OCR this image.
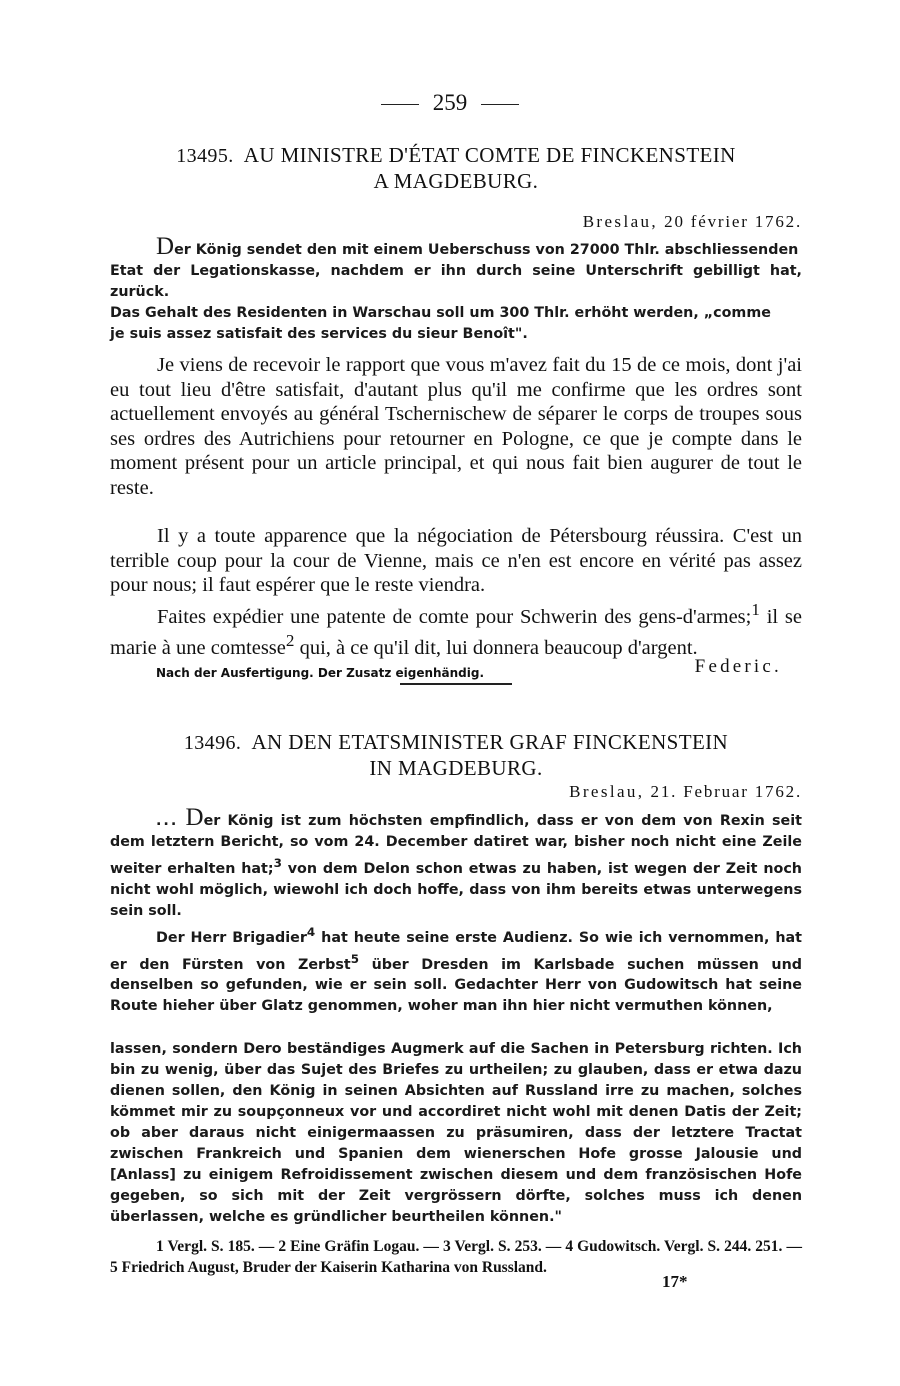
259
13495. AU MINISTRE D'ÉTAT COMTE DE FINCKENSTEIN
A MAGDEBURG.
Breslau, 20 février 1762.
Der König sendet den mit einem Ueberschuss von 27000 Thlr. abschliessenden
Etat der Legationskasse, nachdem er ihn durch seine Unterschrift gebilligt hat, zurück.
Das Gehalt des Residenten in Warschau soll um 300 Thlr. erhöht werden, „comme
je suis assez satisfait des services du sieur Benoît".

Je viens de recevoir le rapport que vous m'avez fait du 15 de ce mois, dont j'ai eu tout lieu d'être satisfait, d'autant plus qu'il me confirme que les ordres sont actuellement envoyés au général Tschernischew de séparer le corps de troupes sous ses ordres des Autrichiens pour retourner en Pologne, ce que je compte dans le moment présent pour un article principal, et qui nous fait bien augurer de tout le reste.

Il y a toute apparence que la négociation de Pétersbourg réussira. C'est un terrible coup pour la cour de Vienne, mais ce n'en est encore en vérité pas assez pour nous; il faut espérer que le reste viendra.

Faites expédier une patente de comte pour Schwerin des gens-d'armes;$^1$ il se marie à une comtesse$^2$ qui, à ce qu'il dit, lui donnera beaucoup d'argent.

Nach der Ausfertigung. Der Zusatz eigenhändig.	Federic.
13496. AN DEN ETATSMINISTER GRAF FINCKENSTEIN
IN MAGDEBURG.
Breslau, 21. Februar 1762.

... Der König ist zum höchsten empfindlich, dass er von dem von Rexin seit dem letztern Bericht, so vom 24. December datiret war, bisher noch nicht eine Zeile weiter erhalten hat;$^3$ von dem Delon schon etwas zu haben, ist wegen der Zeit noch nicht wohl möglich, wiewohl ich doch hoffe, dass von ihm bereits etwas unterwegens sein soll.

Der Herr Brigadier$^4$ hat heute seine erste Audienz. So wie ich vernommen, hat er den Fürsten von Zerbst$^5$ über Dresden im Karlsbade suchen müssen und denselben so gefunden, wie er sein soll. Gedachter Herr von Gudowitsch hat seine Route hieher über Glatz genommen, woher man ihn hier nicht vermuthen können,

lassen, sondern Dero beständiges Augmerk auf die Sachen in Petersburg richten. Ich bin zu wenig, über das Sujet des Briefes zu urtheilen; zu glauben, dass er etwa dazu dienen sollen, den König in seinen Absichten auf Russland irre zu machen, solches kömmet mir zu soupçonneux vor und accordiret nicht wohl mit denen Datis der Zeit; ob aber daraus nicht einigermaassen zu präsumiren, dass der letztere Tractat zwischen Frankreich und Spanien dem wienerschen Hofe grosse Jalousie und [Anlass] zu einigem Refroidissement zwischen diesem und dem französischen Hofe gegeben, so sich mit der Zeit vergrössern dörfte, solches muss ich denen überlassen, welche es gründlicher beurtheilen können."

1 Vergl. S. 185. — 2 Eine Gräfin Logau. — 3 Vergl. S. 253. — 4 Gudowitsch. Vergl. S. 244. 251. — 5 Friedrich August, Bruder der Kaiserin Katharina von Russland.

17*
